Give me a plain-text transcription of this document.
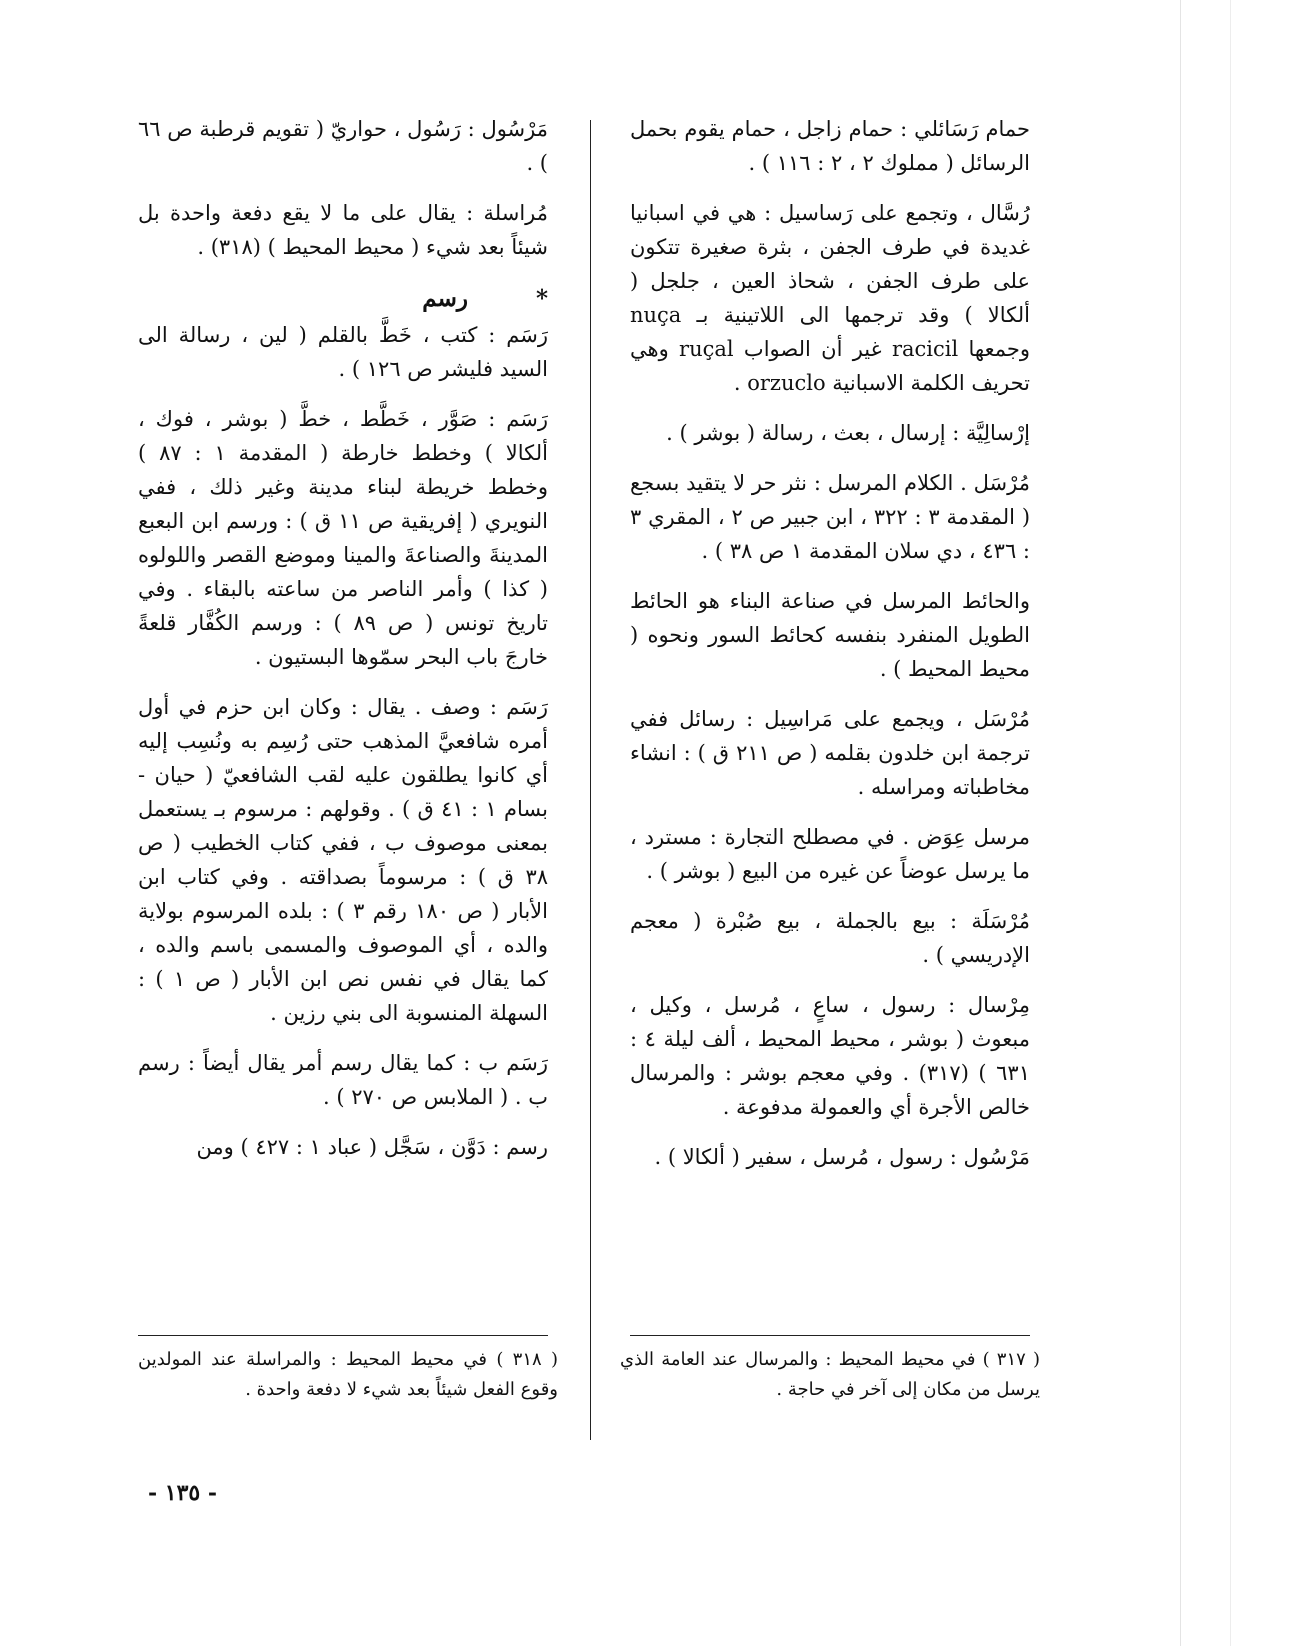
حمام رَسَائلي : حمام زاجل ، حمام يقوم بحمل الرسائل ( مملوك ٢ ، ٢ : ١١٦ ) .

رُسَّال ، وتجمع على رَساسيل : هي في اسبانيا غديدة في طرف الجفن ، بثرة صغيرة تتكون على طرف الجفن ، شحاذ العين ، جلجل ( ألكالا ) وقد ترجمها الى اللاتينية بـ nuça وجمعها racicil غير أن الصواب ruçal وهي تحريف الكلمة الاسبانية orzuclo .

إرْسالِيَّة : إرسال ، بعث ، رسالة ( بوشر ) .

مُرْسَل . الكلام المرسل : نثر حر لا يتقيد بسجع ( المقدمة ٣ : ٣٢٢ ، ابن جبير ص ٢ ، المقري ٣ : ٤٣٦ ، دي سلان المقدمة ١ ص ٣٨ ) .

والحائط المرسل في صناعة البناء هو الحائط الطويل المنفرد بنفسه كحائط السور ونحوه ( محيط المحيط ) .

مُرْسَل ، ويجمع على مَراسِيل : رسائل ففي ترجمة ابن خلدون بقلمه ( ص ٢١١ ق ) : انشاء مخاطباته ومراسله .

مرسل عِوَض . في مصطلح التجارة : مسترد ، ما يرسل عوضاً عن غيره من البيع ( بوشر ) .

مُرْسَلَة : بيع بالجملة ، بيع صُبْرة ( معجم الإدريسي ) .

مِرْسال : رسول ، ساعٍ ، مُرسل ، وكيل ، مبعوث ( بوشر ، محيط المحيط ، ألف ليلة ٤ : ٦٣١ ) (٣١٧) . وفي معجم بوشر : والمرسال خالص الأجرة أي والعمولة مدفوعة .

مَرْسُول : رسول ، مُرسل ، سفير ( ألكالا ) .

مَرْسُول : رَسُول ، حواريّ ( تقويم قرطبة ص ٦٦ ) .

مُراسلة : يقال على ما لا يقع دفعة واحدة بل شيئاً بعد شيء ( محيط المحيط ) (٣١٨) .

* رسم

رَسَم : كتب ، خَطَّ بالقلم ( لين ، رسالة الى السيد فليشر ص ١٢٦ ) .

رَسَم : صَوَّر ، خَطَّط ، خطَّ ( بوشر ، فوك ، ألكالا ) وخطط خارطة ( المقدمة ١ : ٨٧ ) وخطط خريطة لبناء مدينة وغير ذلك ، ففي النويري ( إفريقية ص ١١ ق ) : ورسم ابن البعبع المدينةَ والصناعةَ والمينا وموضع القصر واللولوه ( كذا ) وأمر الناصر من ساعته بالبقاء . وفي تاريخ تونس ( ص ٨٩ ) : ورسم الكُفَّار قلعةً خارجَ باب البحر سمّوها البستيون .

رَسَم : وصف . يقال : وكان ابن حزم في أول أمره شافعيَّ المذهب حتى رُسِم به ونُسِب إليه أي كانوا يطلقون عليه لقب الشافعيّ ( حيان - بسام ١ : ٤١ ق ) . وقولهم : مرسوم بـ يستعمل بمعنى موصوف ب ، ففي كتاب الخطيب ( ص ٣٨ ق ) : مرسوماً بصداقته . وفي كتاب ابن الأبار ( ص ١٨٠ رقم ٣ ) : بلده المرسوم بولاية والده ، أي الموصوف والمسمى باسم والده ، كما يقال في نفس نص ابن الأبار ( ص ١ ) : السهلة المنسوبة الى بني رزين .

رَسَم ب : كما يقال رسم أمر يقال أيضاً : رسم ب . ( الملابس ص ٢٧٠ ) .

رسم : دَوَّن ، سَجَّل ( عباد ١ : ٤٢٧ ) ومن

( ٣١٧ ) في محيط المحيط : والمرسال عند العامة الذي يرسل من مكان إلى آخر في حاجة .
( ٣١٨ ) في محيط المحيط : والمراسلة عند المولدين وقوع الفعل شيئاً بعد شيء لا دفعة واحدة .
- ١٣٥ -
